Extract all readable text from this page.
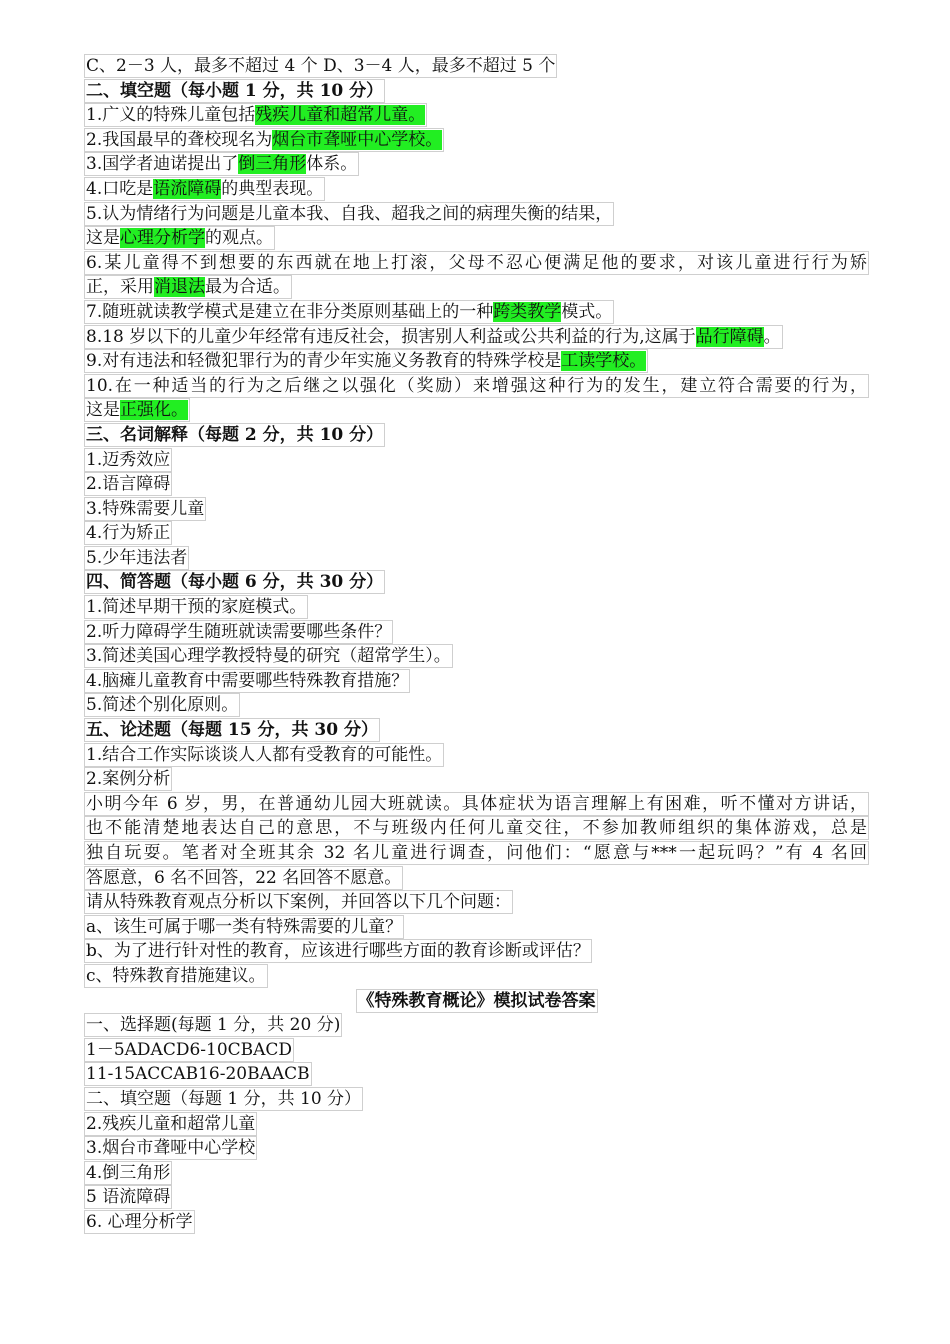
C、2－3 人，最多不超过 4 个 D、3－4 人，最多不超过 5 个
二、填空题（每小题 1 分，共 10 分）
1.广义的特殊儿童包括残疾儿童和超常儿童。
2.我国最早的聋校现名为烟台市聋哑中心学校。
3.国学者迪诺提出了倒三角形体系。
4.口吃是语流障碍的典型表现。
5.认为情绪行为问题是儿童本我、自我、超我之间的病理失衡的结果，
这是心理分析学的观点。
6.某儿童得不到想要的东西就在地上打滚，父母不忍心便满足他的要求，对该儿童进行行为矫
正，采用消退法最为合适。
7.随班就读教学模式是建立在非分类原则基础上的一种跨类教学模式。
8.18 岁以下的儿童少年经常有违反社会，损害别人利益或公共利益的行为,这属于品行障碍。
9.对有违法和轻微犯罪行为的青少年实施义务教育的特殊学校是工读学校。
10.在一种适当的行为之后继之以强化（奖励）来增强这种行为的发生，建立符合需要的行为，
这是正强化。
三、名词解释（每题 2 分，共 10 分）
1.迈秀效应
2.语言障碍
3.特殊需要儿童
4.行为矫正
5.少年违法者
四、简答题（每小题 6 分，共 30 分）
1.简述早期干预的家庭模式。
2.听力障碍学生随班就读需要哪些条件？
3.简述美国心理学教授特曼的研究（超常学生）。
4.脑瘫儿童教育中需要哪些特殊教育措施？
5.简述个别化原则。
五、论述题（每题 15 分，共 30 分）
1.结合工作实际谈谈人人都有受教育的可能性。
2.案例分析
小明今年 6 岁，男，在普通幼儿园大班就读。具体症状为语言理解上有困难，听不懂对方讲话，
也不能清楚地表达自己的意思，不与班级内任何儿童交往，不参加教师组织的集体游戏，总是
独自玩耍。笔者对全班其余 32 名儿童进行调查，问他们：“愿意与***一起玩吗？”有 4 名回
答愿意，6 名不回答，22 名回答不愿意。
请从特殊教育观点分析以下案例，并回答以下几个问题：
a、该生可属于哪一类有特殊需要的儿童？
b、为了进行针对性的教育，应该进行哪些方面的教育诊断或评估？
c、特殊教育措施建议。
《特殊教育概论》模拟试卷答案
一、选择题(每题 1 分，共 20 分)
1－5ADACD6-10CBACD
11-15ACCAB16-20BAACB
二、填空题（每题 1 分，共 10 分）
2.残疾儿童和超常儿童
3.烟台市聋哑中心学校
4.倒三角形
5 语流障碍
6. 心理分析学
